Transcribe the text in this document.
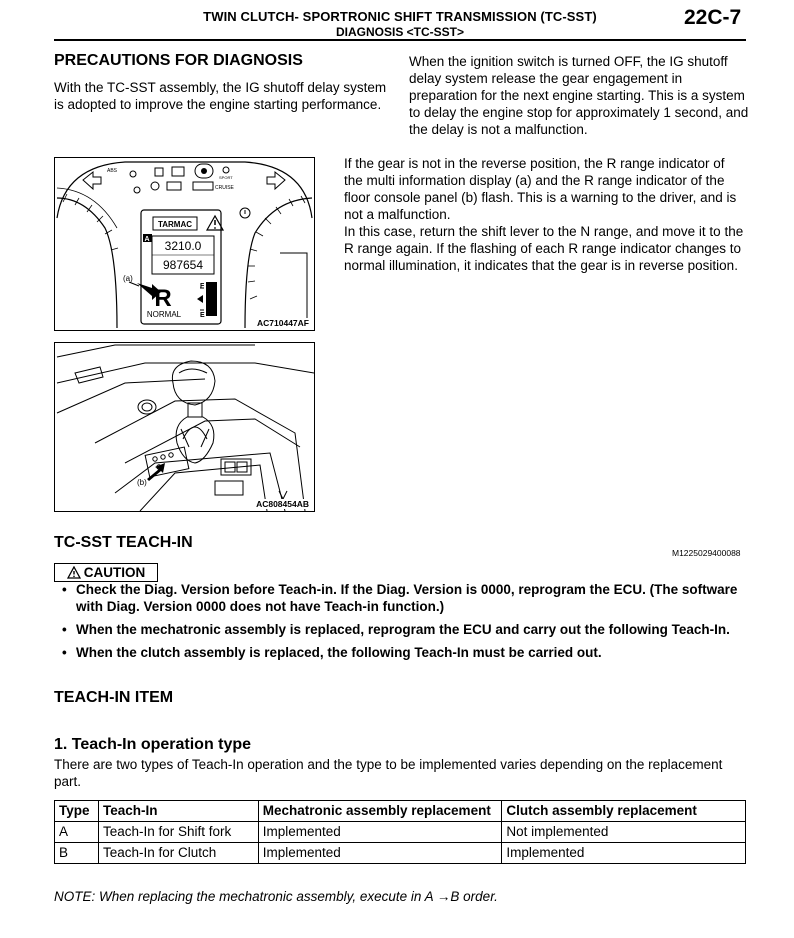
TWIN CLUTCH- SPORTRONIC SHIFT TRANSMISSION (TC-SST)
DIAGNOSIS <TC-SST>
22C-7
PRECAUTIONS FOR DIAGNOSIS
With the TC-SST assembly, the IG shutoff delay system is adopted to improve the engine starting performance.
When the ignition switch is turned OFF, the IG shutoff delay system release the gear engagement in preparation for the next engine starting. This is a system to delay the engine stop for approximately 1 second, and the delay is not a malfunction.
If the gear is not in the reverse position, the R range indicator of the multi information display (a) and the R range indicator of the floor console panel (b) flash. This is a warning to the driver, and is not a malfunction.
In this case, return the shift lever to the N range, and move it to the R range again. If the flashing of each R range indicator changes to normal illumination, it indicates that the gear is in reverse position.
TARMAC
A 3210.0
987654
R
NORMAL
F
E
(a)
CRUISE
ABS
SPORT
AC710447AF
(b)
AC808454AB
TC-SST TEACH-IN
M1225029400088
CAUTION
• Check the Diag. Version before Teach-in. If the Diag. Version is 0000, reprogram the ECU. (The software with Diag. Version 0000 does not have Teach-in function.)
• When the mechatronic assembly is replaced, reprogram the ECU and carry out the following Teach-In.
• When the clutch assembly is replaced, the following Teach-In must be carried out.
TEACH-IN ITEM
1. Teach-In operation type
There are two types of Teach-In operation and the type to be implemented varies depending on the replacement part.
Type	Teach-In	Mechatronic assembly replacement	Clutch assembly replacement
A	Teach-In for Shift fork	Implemented	Not implemented
B	Teach-In for Clutch	Implemented	Implemented
NOTE: When replacing the mechatronic assembly, execute in A →B order.
